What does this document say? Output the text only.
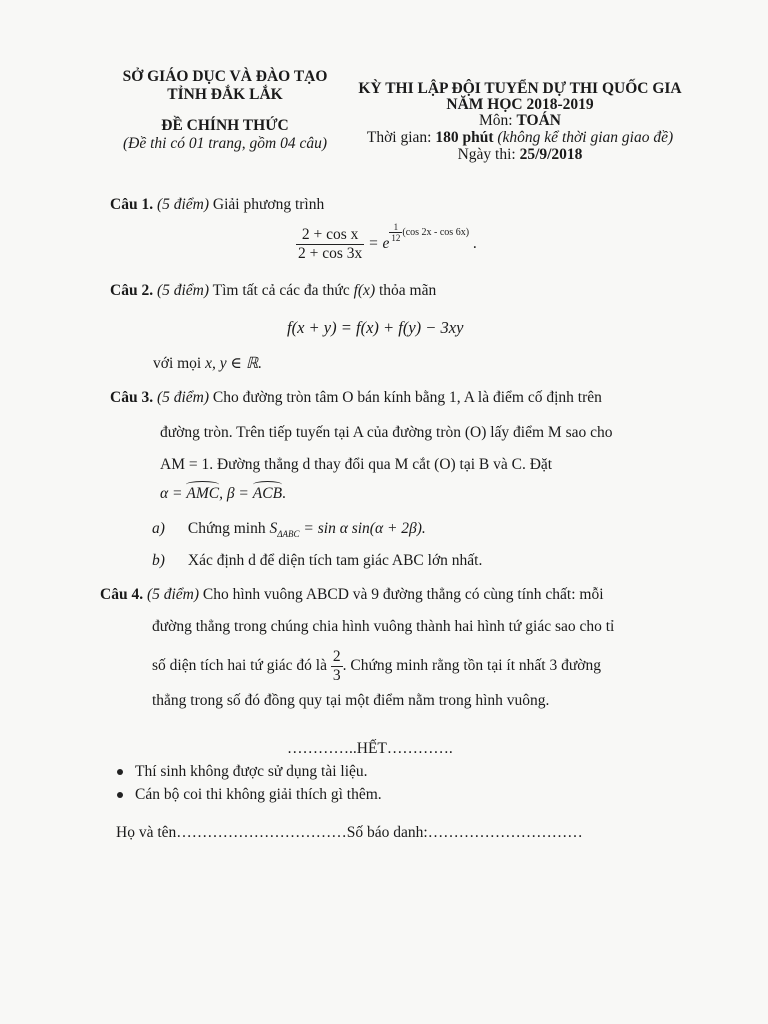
SỞ GIÁO DỤC VÀ ĐÀO TẠO
TỈNH ĐẮK LẮK
ĐỀ CHÍNH THỨC
(Đề thi có 01 trang, gồm 04 câu)
KỲ THI LẬP ĐỘI TUYỂN DỰ THI QUỐC GIA
NĂM HỌC 2018-2019
Môn: TOÁN
Thời gian: 180 phút (không kể thời gian giao đề)
Ngày thi: 25/9/2018
Câu 1. (5 điểm) Giải phương trình
$\frac{\text{2 + cos x}}{2 + \cos 3x} = e$
$\frac{1}{12} (\cos$ 2x - cos 6x) .
Câu 2. (5 điểm) Tìm tất cả các đa thức f(x) thỏa mãn
f(x + y) = f(x) + f(y) − 3xy
với mọi x, y ∈ ℝ.
Câu 3. (5 điểm) Cho đường tròn tâm O bán kính bằng 1, A là điểm cố định trên
đường tròn. Trên tiếp tuyến tại A của đường tròn (O) lấy điểm M sao cho
AM = 1. Đường thẳng d thay đổi qua M cắt (O) tại B và C. Đặt
α = AMC, β = ACB.
a) Chứng minh $S_{\Delta ABC} = \sin \alpha$ sin(α + 2β).
b) Xác định d để diện tích tam giác ABC lớn nhất.
Câu 4. (5 điểm) Cho hình vuông ABCD và 9 đường thẳng có cùng tính chất: mỗi
đường thẳng trong chúng chia hình vuông thành hai hình tứ giác sao cho tỉ
số diện tích hai tứ giác đó là $\frac{2}{3}$ . Chứng minh rằng tồn tại ít nhất 3 đường
thẳng trong số đó đồng quy tại một điểm nằm trong hình vuông.
…………..HẾT………….
Thí sinh không được sử dụng tài liệu.
Cán bộ coi thi không giải thích gì thêm.
Họ và tên……………………………Số báo danh:…………………………
